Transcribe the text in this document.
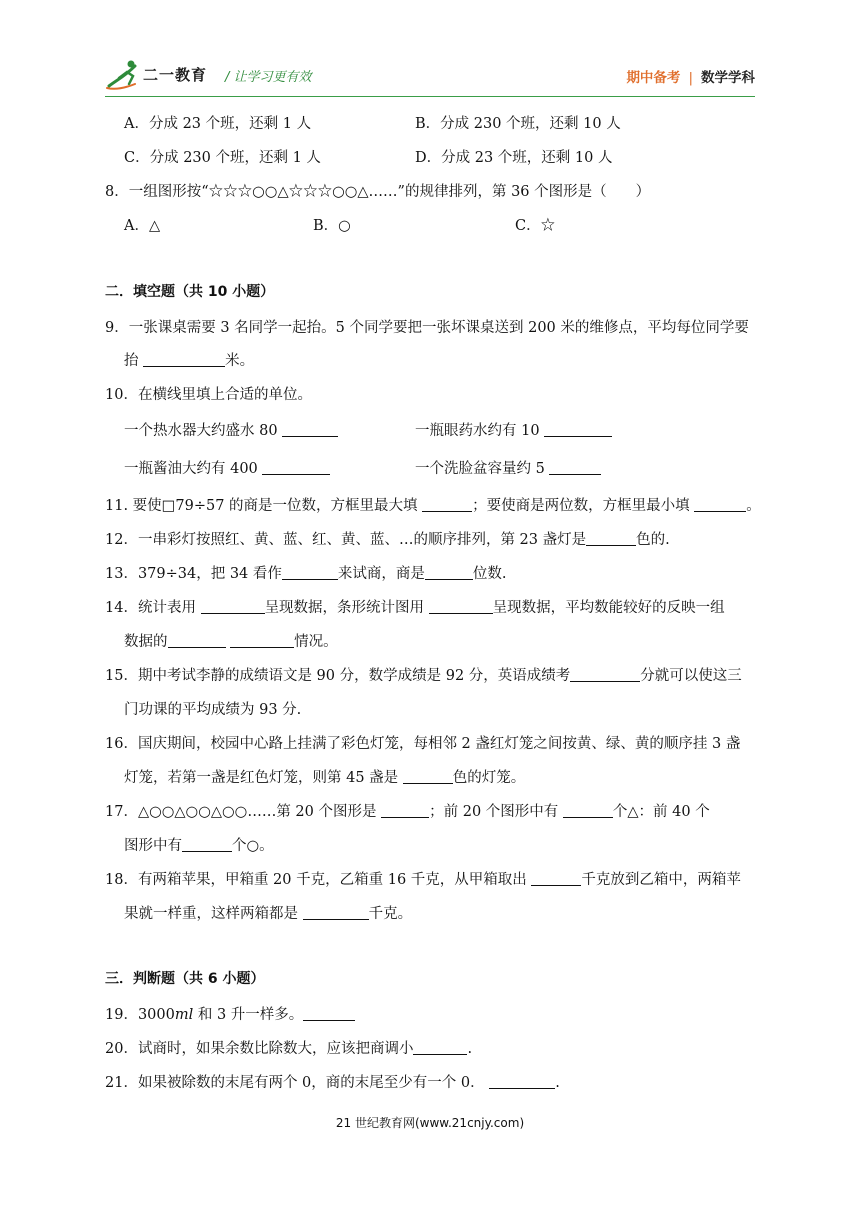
二一教育 / 让学习更有效	期中备考 | 数学学科
A．分成 23 个班，还剩 1 人	B．分成 230 个班，还剩 10 人
C．分成 230 个班，还剩 1 人	D．分成 23 个班，还剩 10 人
8．一组图形按“☆☆☆○○△☆☆☆○○△……”的规律排列，第 36 个图形是（　　）
A．△	B．○	C．☆
二．填空题（共 10 小题）
9．一张课桌需要 3 名同学一起抬。5 个同学要把一张坏课桌送到 200 米的维修点，平均每位同学要
抬	米。
10．在横线里填上合适的单位。
一个热水器大约盛水 80	一瓶眼药水约有 10
一瓶酱油大约有 400	一个洗脸盆容量约 5
11. 要使□79÷57 的商是一位数，方框里最大填	；要使商是两位数，方框里最小填	。
12．一串彩灯按照红、黄、蓝、红、黄、蓝、…的顺序排列，第 23 盏灯是	色的.
13．379÷34，把 34 看作	来试商，商是	位数.
14．统计表用	呈现数据，条形统计图用	呈现数据，平均数能较好的反映一组
数据的	情况。
15．期中考试李静的成绩语文是 90 分，数学成绩是 92 分，英语成绩考	分就可以使这三
门功课的平均成绩为 93 分.
16．国庆期间，校园中心路上挂满了彩色灯笼，每相邻 2 盏红灯笼之间按黄、绿、黄的顺序挂 3 盏
灯笼，若第一盏是红色灯笼，则第 45 盏是	色的灯笼。
17．△○○△○○△○○……第 20 个图形是	；前 20 个图形中有	个△：前 40 个
图形中有	个○。
18．有两箱苹果，甲箱重 20 千克，乙箱重 16 千克，从甲箱取出	千克放到乙箱中，两箱苹
果就一样重，这样两箱都是	千克。
三．判断题（共 6 小题）
19．3000ml 和 3 升一样多。
20．试商时，如果余数比除数大，应该把商调小	.
21．如果被除数的末尾有两个 0，商的末尾至少有一个 0．	.
21 世纪教育网(www.21cnjy.com)
